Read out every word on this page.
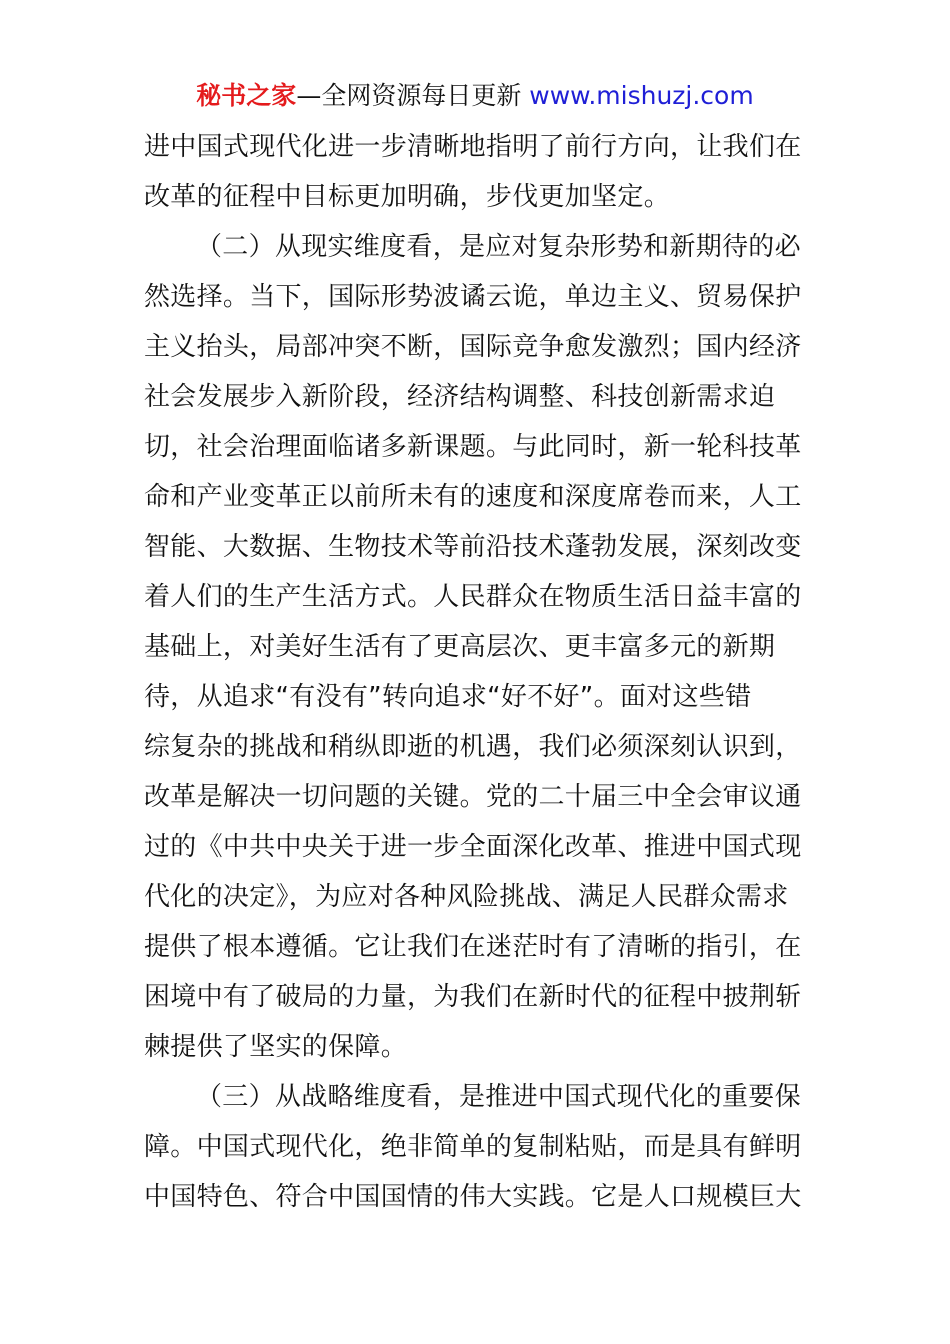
秘书之家—全网资源每日更新 www.mishuzj.com
进中国式现代化进一步清晰地指明了前行方向，让我们在
改革的征程中目标更加明确，步伐更加坚定。
（二）从现实维度看，是应对复杂形势和新期待的必
然选择。当下，国际形势波谲云诡，单边主义、贸易保护
主义抬头，局部冲突不断，国际竞争愈发激烈；国内经济
社会发展步入新阶段，经济结构调整、科技创新需求迫
切，社会治理面临诸多新课题。与此同时，新一轮科技革
命和产业变革正以前所未有的速度和深度席卷而来，人工
智能、大数据、生物技术等前沿技术蓬勃发展，深刻改变
着人们的生产生活方式。人民群众在物质生活日益丰富的
基础上，对美好生活有了更高层次、更丰富多元的新期
待，从追求“有没有”转向追求“好不好”。面对这些错
综复杂的挑战和稍纵即逝的机遇，我们必须深刻认识到，
改革是解决一切问题的关键。党的二十届三中全会审议通
过的《中共中央关于进一步全面深化改革、推进中国式现
代化的决定》，为应对各种风险挑战、满足人民群众需求
提供了根本遵循。它让我们在迷茫时有了清晰的指引，在
困境中有了破局的力量，为我们在新时代的征程中披荆斩
棘提供了坚实的保障。
（三）从战略维度看，是推进中国式现代化的重要保
障。中国式现代化，绝非简单的复制粘贴，而是具有鲜明
中国特色、符合中国国情的伟大实践。它是人口规模巨大
